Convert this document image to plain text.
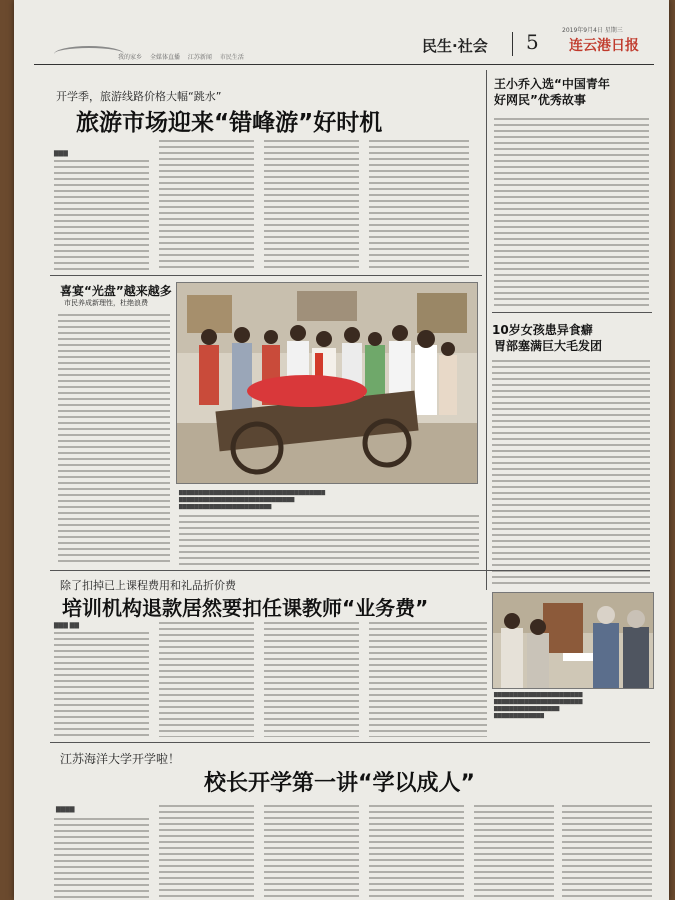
我的家乡 全媒体直播 江苏新闻 市民生活
民生·社会 5	2019年9月4日 星期三
连云港日报
开学季，旅游线路价格大幅“跳水”
旅游市场迎来“错峰游”好时机
▇▇▇
王小乔入选“中国青年
好网民”优秀故事
喜宴“光盘”越来越多
市民养成新理性，杜绝浪费
▇▇▇▇▇▇▇▇▇▇▇▇▇▇▇▇▇▇▇▇▇▇▇▇▇▇▇▇▇▇▇▇▇▇▇▇▇▇
▇▇▇▇▇▇▇▇▇▇▇▇▇▇▇▇▇▇▇▇▇▇▇▇▇▇▇▇▇▇
▇▇▇▇▇▇▇▇▇▇▇▇▇▇▇▇▇▇▇▇▇▇▇▇
10岁女孩患异食癖
胃部塞满巨大毛发团
除了扣掉已上课程费用和礼品折价费
培训机构退款居然要扣任课教师“业务费”
▇▇▇ ▇▇
▇▇▇▇▇▇▇▇▇▇▇▇▇▇▇▇▇▇▇▇▇▇▇
▇▇▇▇▇▇▇▇▇▇▇▇▇▇▇▇▇▇▇▇▇▇▇
▇▇▇▇▇▇▇▇▇▇▇▇▇▇▇▇▇
▇▇▇▇▇▇▇▇▇▇▇▇▇
江苏海洋大学开学啦！
校长开学第一讲“学以成人”
▇▇▇▇
